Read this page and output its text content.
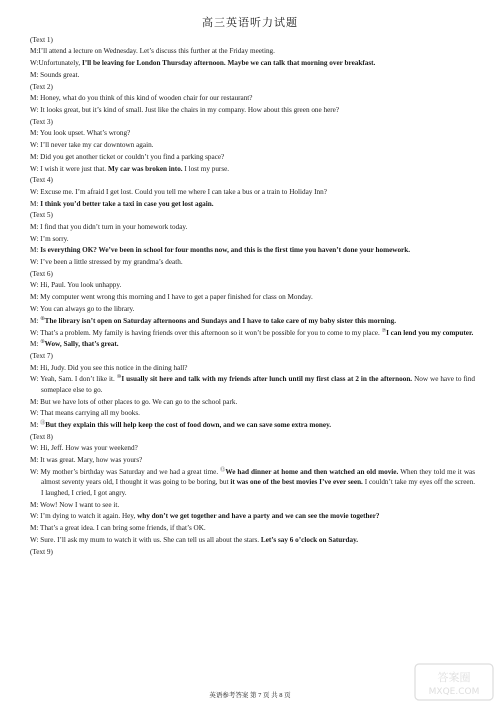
高三英语听力试题
(Text 1)
M:I’ll attend a lecture on Wednesday. Let’s discuss this further at the Friday meeting.
W:Unfortunately, I’ll be leaving for London Thursday afternoon. Maybe we can talk that morning over breakfast.
M: Sounds great.
(Text 2)
M: Honey, what do you think of this kind of wooden chair for our restaurant?
W: It looks great, but it’s kind of small. Just like the chairs in my company. How about this green one here?
(Text 3)
M: You look upset. What’s wrong?
W: I’ll never take my car downtown again.
M: Did you get another ticket or couldn’t you find a parking space?
W: I wish it were just that. My car was broken into. I lost my purse.
(Text 4)
W: Excuse me. I’m afraid I get lost. Could you tell me where I can take a bus or a train to Holiday Inn?
M: I think you’d better take a taxi in case you get lost again.
(Text 5)
M: I find that you didn’t turn in your homework today.
W: I’m sorry.
M: Is everything OK? We’ve been in school for four months now, and this is the first time you haven’t done your homework.
W: I’ve been a little stressed by my grandma’s death.
(Text 6)
W: Hi, Paul. You look unhappy.
M: My computer went wrong this morning and I have to get a paper finished for class on Monday.
W: You can always go to the library.
M: ⑧The library isn’t open on Saturday afternoons and Sundays and I have to take care of my baby sister this morning.
W: That’s a problem. My family is having friends over this afternoon so it won’t be possible for you to come to my place. ⑦I can lend you my computer.
M: ⑨Wow, Sally, that’s great.
(Text 7)
M: Hi, Judy. Did you see this notice in the dining hall?
W: Yeah, Sam. I don’t like it. ⑩I usually sit here and talk with my friends after lunch until my first class at 2 in the afternoon. Now we have to find someplace else to go.
M: But we have lots of other places to go. We can go to the school park.
W: That means carrying all my books.
M: ⑪But they explain this will help keep the cost of food down, and we can save some extra money.
(Text 8)
W: Hi, Jeff. How was your weekend?
M: It was great. Mary, how was yours?
W: My mother’s birthday was Saturday and we had a great time. ⑫We had dinner at home and then watched an old movie. When they told me it was almost seventy years old, I thought it was going to be boring, but it was one of the best movies I’ve ever seen. I couldn’t take my eyes off the screen. I laughed, I cried, I got angry.
M: Wow! Now I want to see it.
W: I’m dying to watch it again. Hey, why don’t we get together and have a party and we can see the movie together?
M: That’s a great idea. I can bring some friends, if that’s OK.
W: Sure. I’ll ask my mum to watch it with us. She can tell us all about the stars. Let’s say 6 o’clock on Saturday.
(Text 9)
英语参考答案 第 7 页 共 8 页
答案圈
MXQE.COM
